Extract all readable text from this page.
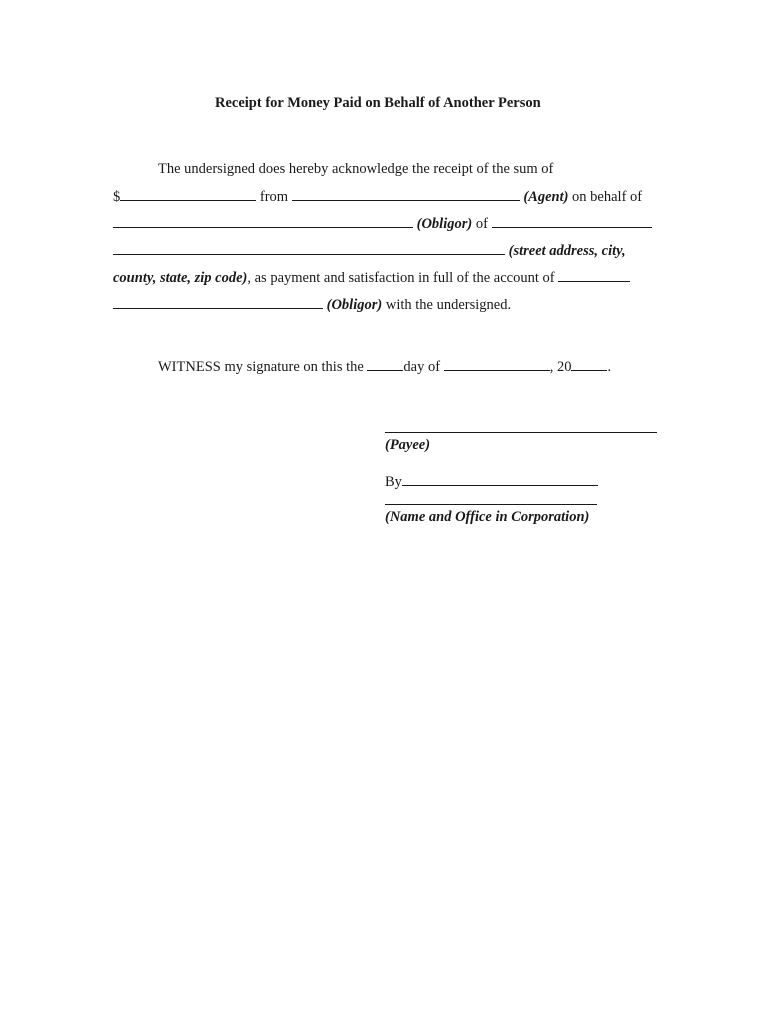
Receipt for Money Paid on Behalf of Another Person
The undersigned does hereby acknowledge the receipt of the sum of
$	from	(Agent) on behalf of
(Obligor) of
(street address, city,
county, state, zip code), as payment and satisfaction in full of the account of
(Obligor) with the undersigned.
WITNESS my signature on this the	day of	, 20 .
(Payee)
By
(Name and Office in Corporation)
